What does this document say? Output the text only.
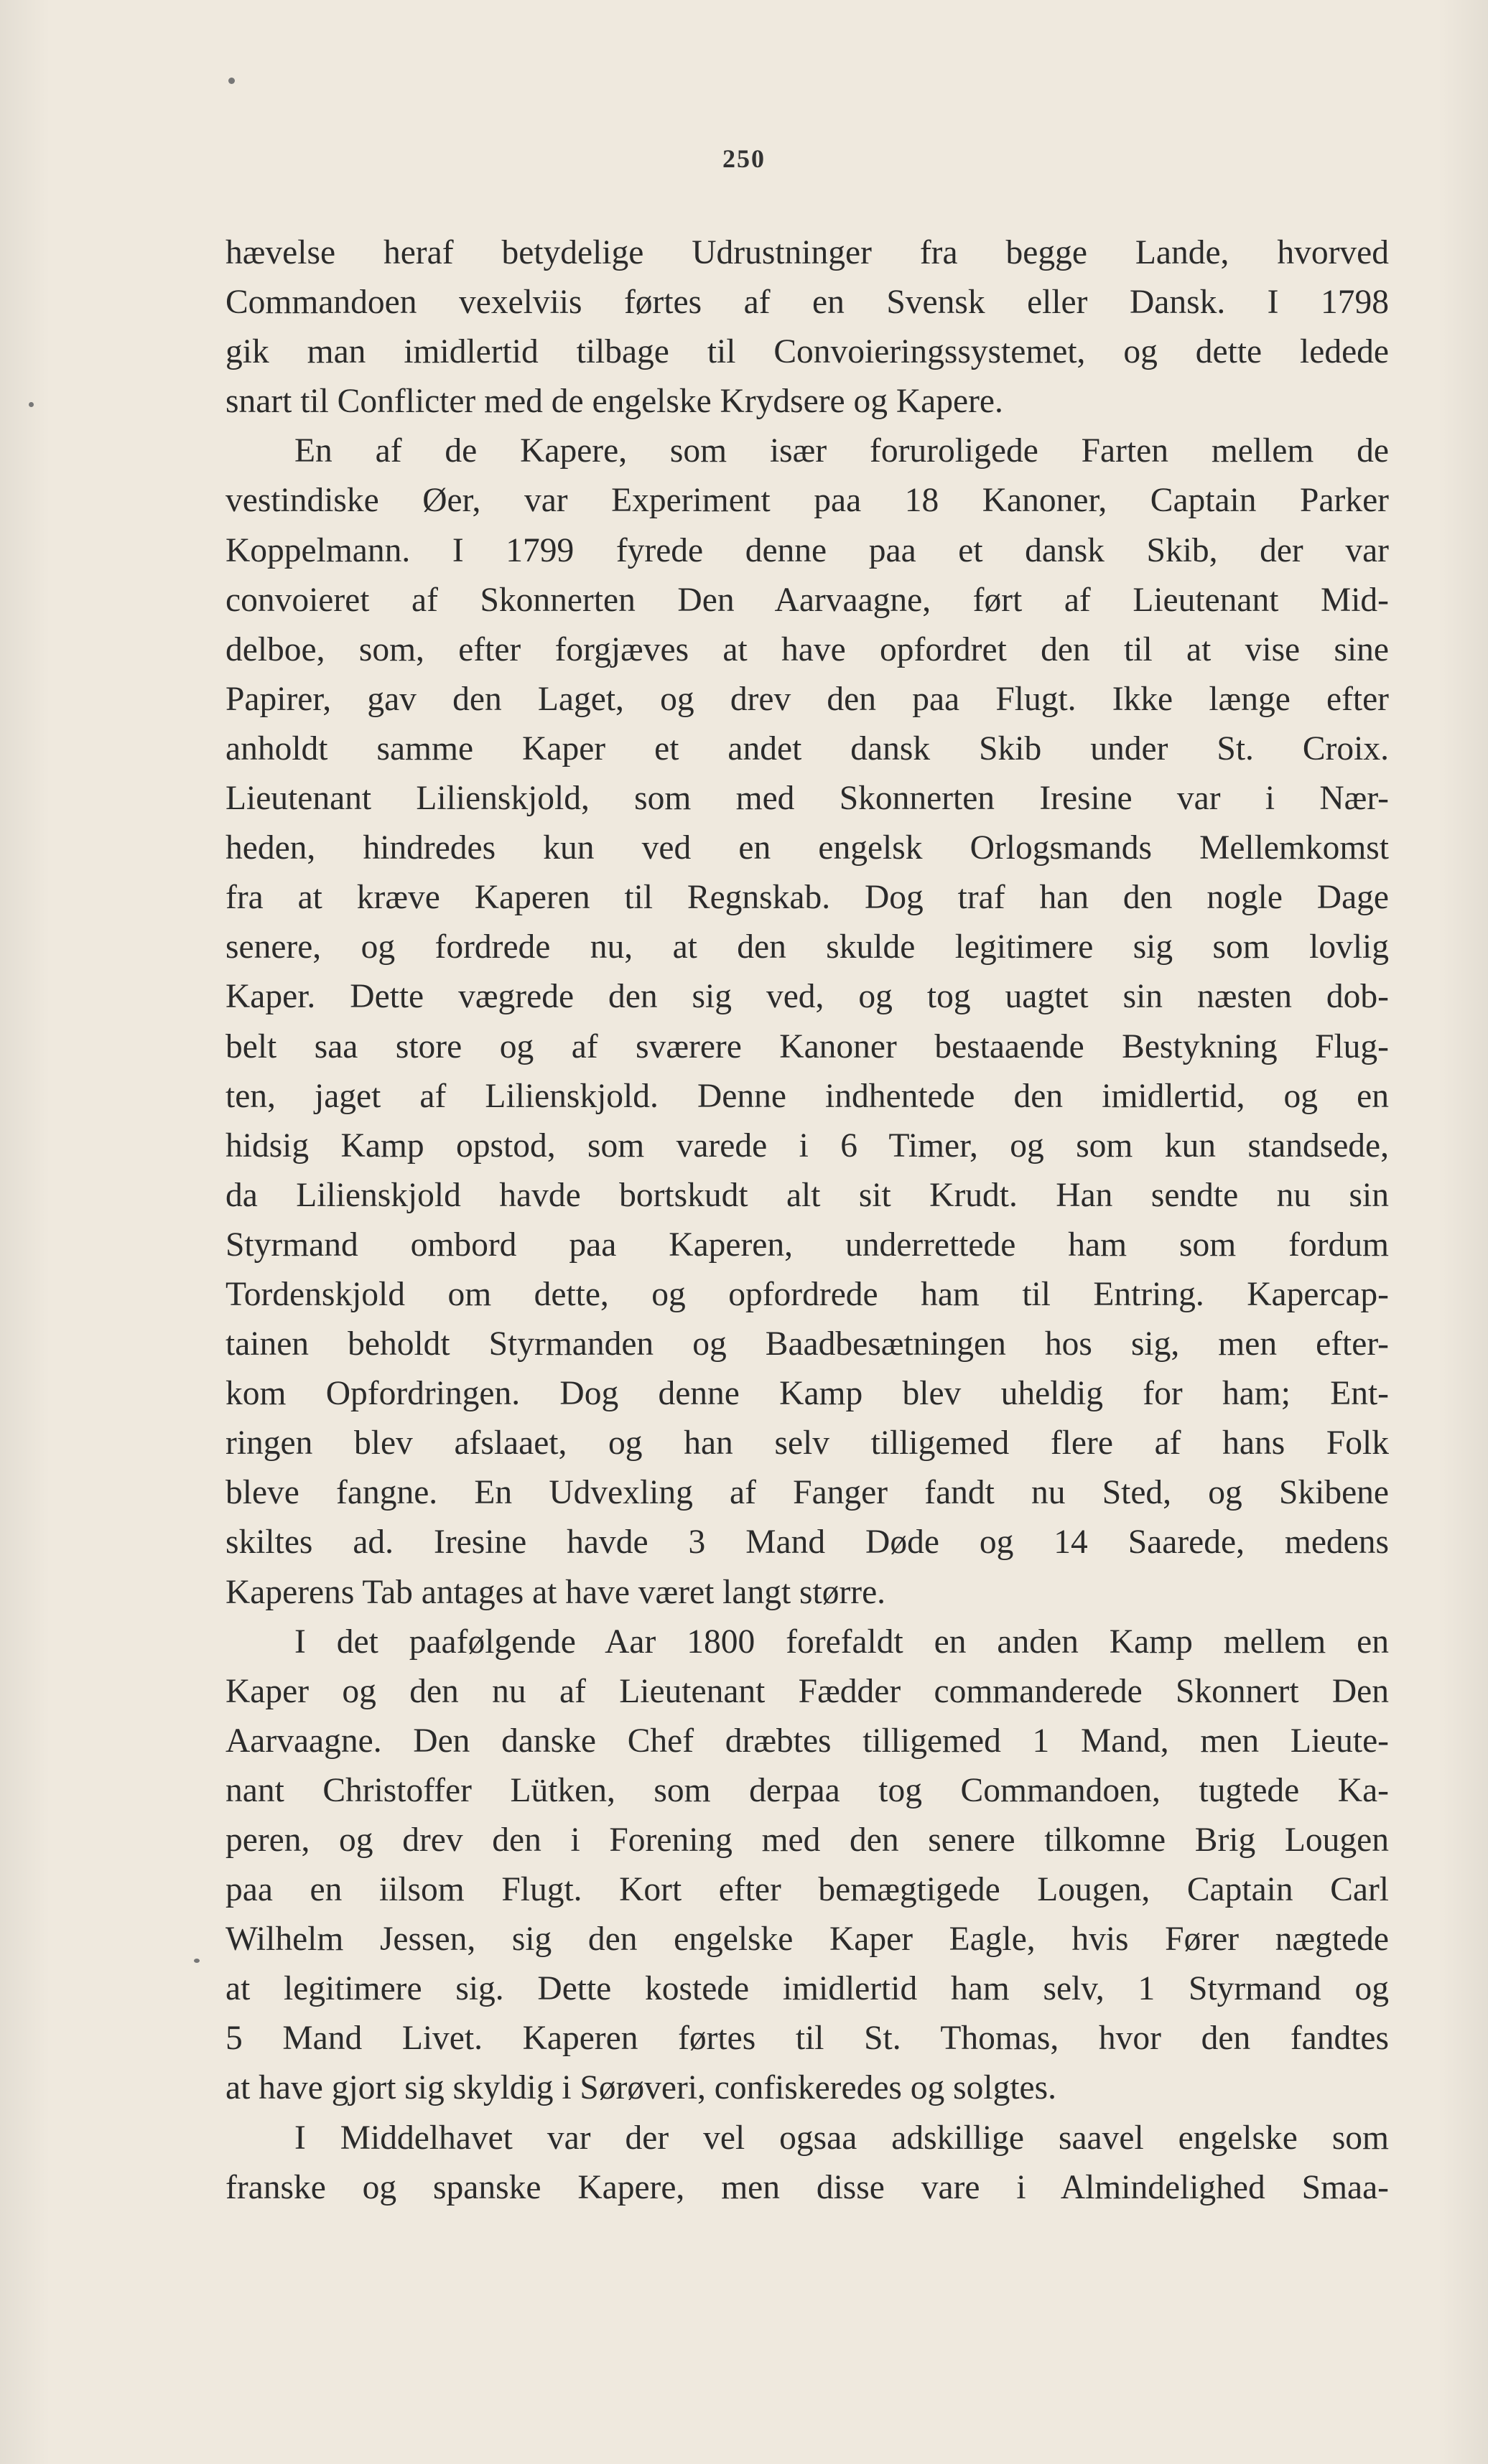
250
hævelse heraf betydelige Udrustninger fra begge Lande, hvorved
Commandoen vexelviis førtes af en Svensk eller Dansk. I 1798
gik man imidlertid tilbage til Convoieringssystemet, og dette ledede
snart til Conflicter med de engelske Krydsere og Kapere.
En af de Kapere, som især foruroligede Farten mellem de
vestindiske Øer, var Experiment paa 18 Kanoner, Captain Parker
Koppelmann. I 1799 fyrede denne paa et dansk Skib, der var
convoieret af Skonnerten Den Aarvaagne, ført af Lieutenant Mid-
delboe, som, efter forgjæves at have opfordret den til at vise sine
Papirer, gav den Laget, og drev den paa Flugt. Ikke længe efter
anholdt samme Kaper et andet dansk Skib under St. Croix.
Lieutenant Lilienskjold, som med Skonnerten Iresine var i Nær-
heden, hindredes kun ved en engelsk Orlogsmands Mellemkomst
fra at kræve Kaperen til Regnskab. Dog traf han den nogle Dage
senere, og fordrede nu, at den skulde legitimere sig som lovlig
Kaper. Dette vægrede den sig ved, og tog uagtet sin næsten dob-
belt saa store og af sværere Kanoner bestaaende Bestykning Flug-
ten, jaget af Lilienskjold. Denne indhentede den imidlertid, og en
hidsig Kamp opstod, som varede i 6 Timer, og som kun standsede,
da Lilienskjold havde bortskudt alt sit Krudt. Han sendte nu sin
Styrmand ombord paa Kaperen, underrettede ham som fordum
Tordenskjold om dette, og opfordrede ham til Entring. Kapercap-
tainen beholdt Styrmanden og Baadbesætningen hos sig, men efter-
kom Opfordringen. Dog denne Kamp blev uheldig for ham; Ent-
ringen blev afslaaet, og han selv tilligemed flere af hans Folk
bleve fangne. En Udvexling af Fanger fandt nu Sted, og Skibene
skiltes ad. Iresine havde 3 Mand Døde og 14 Saarede, medens
Kaperens Tab antages at have været langt større.
I det paafølgende Aar 1800 forefaldt en anden Kamp mellem en
Kaper og den nu af Lieutenant Fædder commanderede Skonnert Den
Aarvaagne. Den danske Chef dræbtes tilligemed 1 Mand, men Lieute-
nant Christoffer Lütken, som derpaa tog Commandoen, tugtede Ka-
peren, og drev den i Forening med den senere tilkomne Brig Lougen
paa en iilsom Flugt. Kort efter bemægtigede Lougen, Captain Carl
Wilhelm Jessen, sig den engelske Kaper Eagle, hvis Fører nægtede
at legitimere sig. Dette kostede imidlertid ham selv, 1 Styrmand og
5 Mand Livet. Kaperen førtes til St. Thomas, hvor den fandtes
at have gjort sig skyldig i Sørøveri, confiskeredes og solgtes.
I Middelhavet var der vel ogsaa adskillige saavel engelske som
franske og spanske Kapere, men disse vare i Almindelighed Smaa-
